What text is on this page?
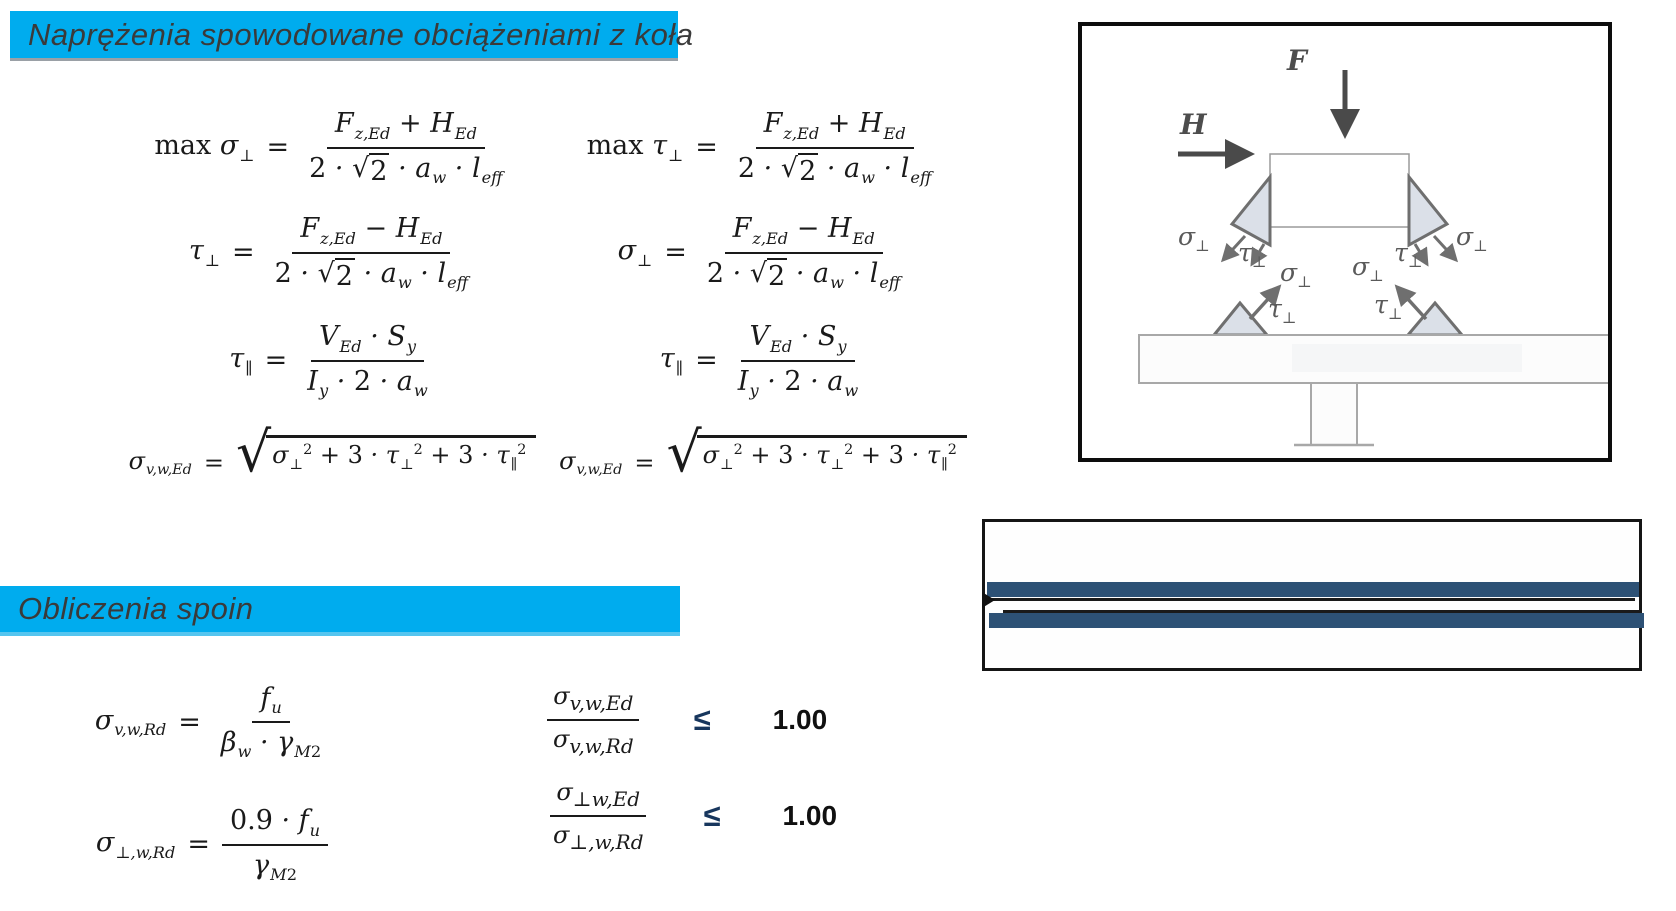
Naprężenia spowodowane obciążeniami z koła
$\max \sigma_\perp = \frac{F_{z,Ed} + H_{Ed}}{2 \cdot √ 2 \cdot a_w \cdot l_{eff}}$	$\max \tau_\perp = \frac{F_{z,Ed} + H_{Ed}}{2 \cdot √ 2 \cdot a_w \cdot l_{eff}}$
$\tau_\perp = \frac{F_{z,Ed} - H_{Ed}}{2 \cdot √ 2 \cdot a_w \cdot l_{eff}}$	$\sigma_\perp = \frac{F_{z,Ed} - H_{Ed}}{2 \cdot √ 2 \cdot a_w \cdot l_{eff}}$
$\tau_\parallel = \frac{V_{Ed} \cdot S_y}{I_y \cdot 2 \cdot a_w}$	$\tau_\parallel = \frac{V_{Ed} \cdot S_y}{I_y \cdot 2 \cdot a_w}$
$\sigma_{v,w,Ed}$ = √ $\sigma_\perp^2 + 3 \cdot \tau_\perp^2 + 3 \cdot \tau_\parallel^2$	$\sigma_{v,w,Ed}$ = √ $\sigma_\perp^2 + 3 \cdot \tau_\perp^2 + 3 \cdot \tau_\parallel^2$
Obliczenia spoin
$\sigma_{v,w,Rd} = \frac{f_u}{\beta_w \cdot \gamma_{M2}}$
$\sigma_{\perp,w,Rd} = \frac{0.9 \cdot f_u}{\gamma_{M2}}$
$\frac{\sigma_{v,w,Ed}}{\sigma_{v,w,Rd}} \le 1.00$
$\frac{\sigma_{\perp w,Ed}}{\sigma_{\perp,w,Rd}} \le 1.00$
F
H
$\sigma_\perp$ $\tau_\perp$	$\tau_\perp$
$\sigma_\perp$
$\sigma_\perp$
$\tau_\perp$
$\sigma_\perp$
$\tau_\perp$
